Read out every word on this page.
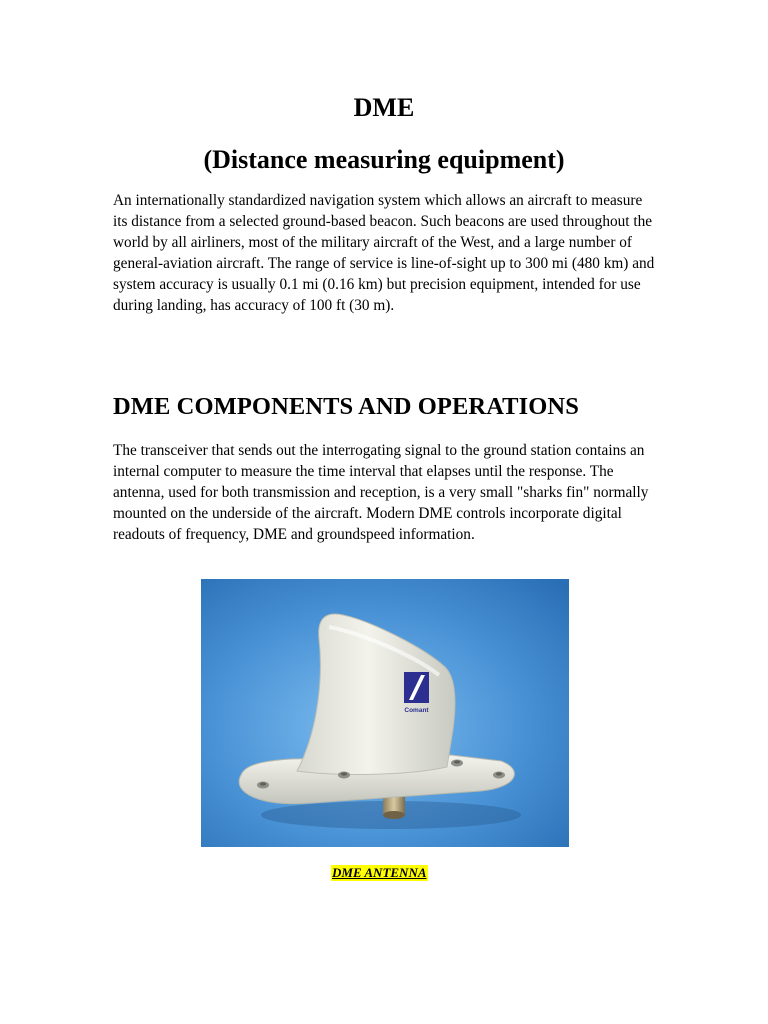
DME
(Distance measuring equipment)

An internationally standardized navigation system which allows an aircraft to measure its distance from a selected ground-based beacon. Such beacons are used throughout the world by all airliners, most of the military aircraft of the West, and a large number of general-aviation aircraft. The range of service is line-of-sight up to 300 mi (480 km) and system accuracy is usually 0.1 mi (0.16 km) but precision equipment, intended for use during landing, has accuracy of 100 ft (30 m).

DME COMPONENTS AND OPERATIONS

The transceiver that sends out the interrogating signal to the ground station contains an internal computer to measure the time interval that elapses until the response. The antenna, used for both transmission and reception, is a very small "sharks fin" normally mounted on the underside of the aircraft. Modern DME controls incorporate digital readouts of frequency, DME and groundspeed information.

Comant
DME ANTENNA
